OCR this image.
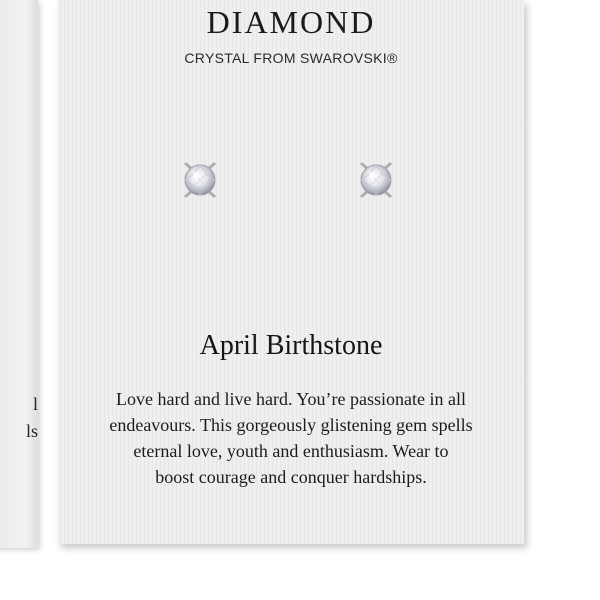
l
ls
DIAMOND
CRYSTAL FROM SWAROVSKI®
April Birthstone
Love hard and live hard. You’re passionate in all
endeavours. This gorgeously glistening gem spells
eternal love, youth and enthusiasm. Wear to
boost courage and conquer hardships.
